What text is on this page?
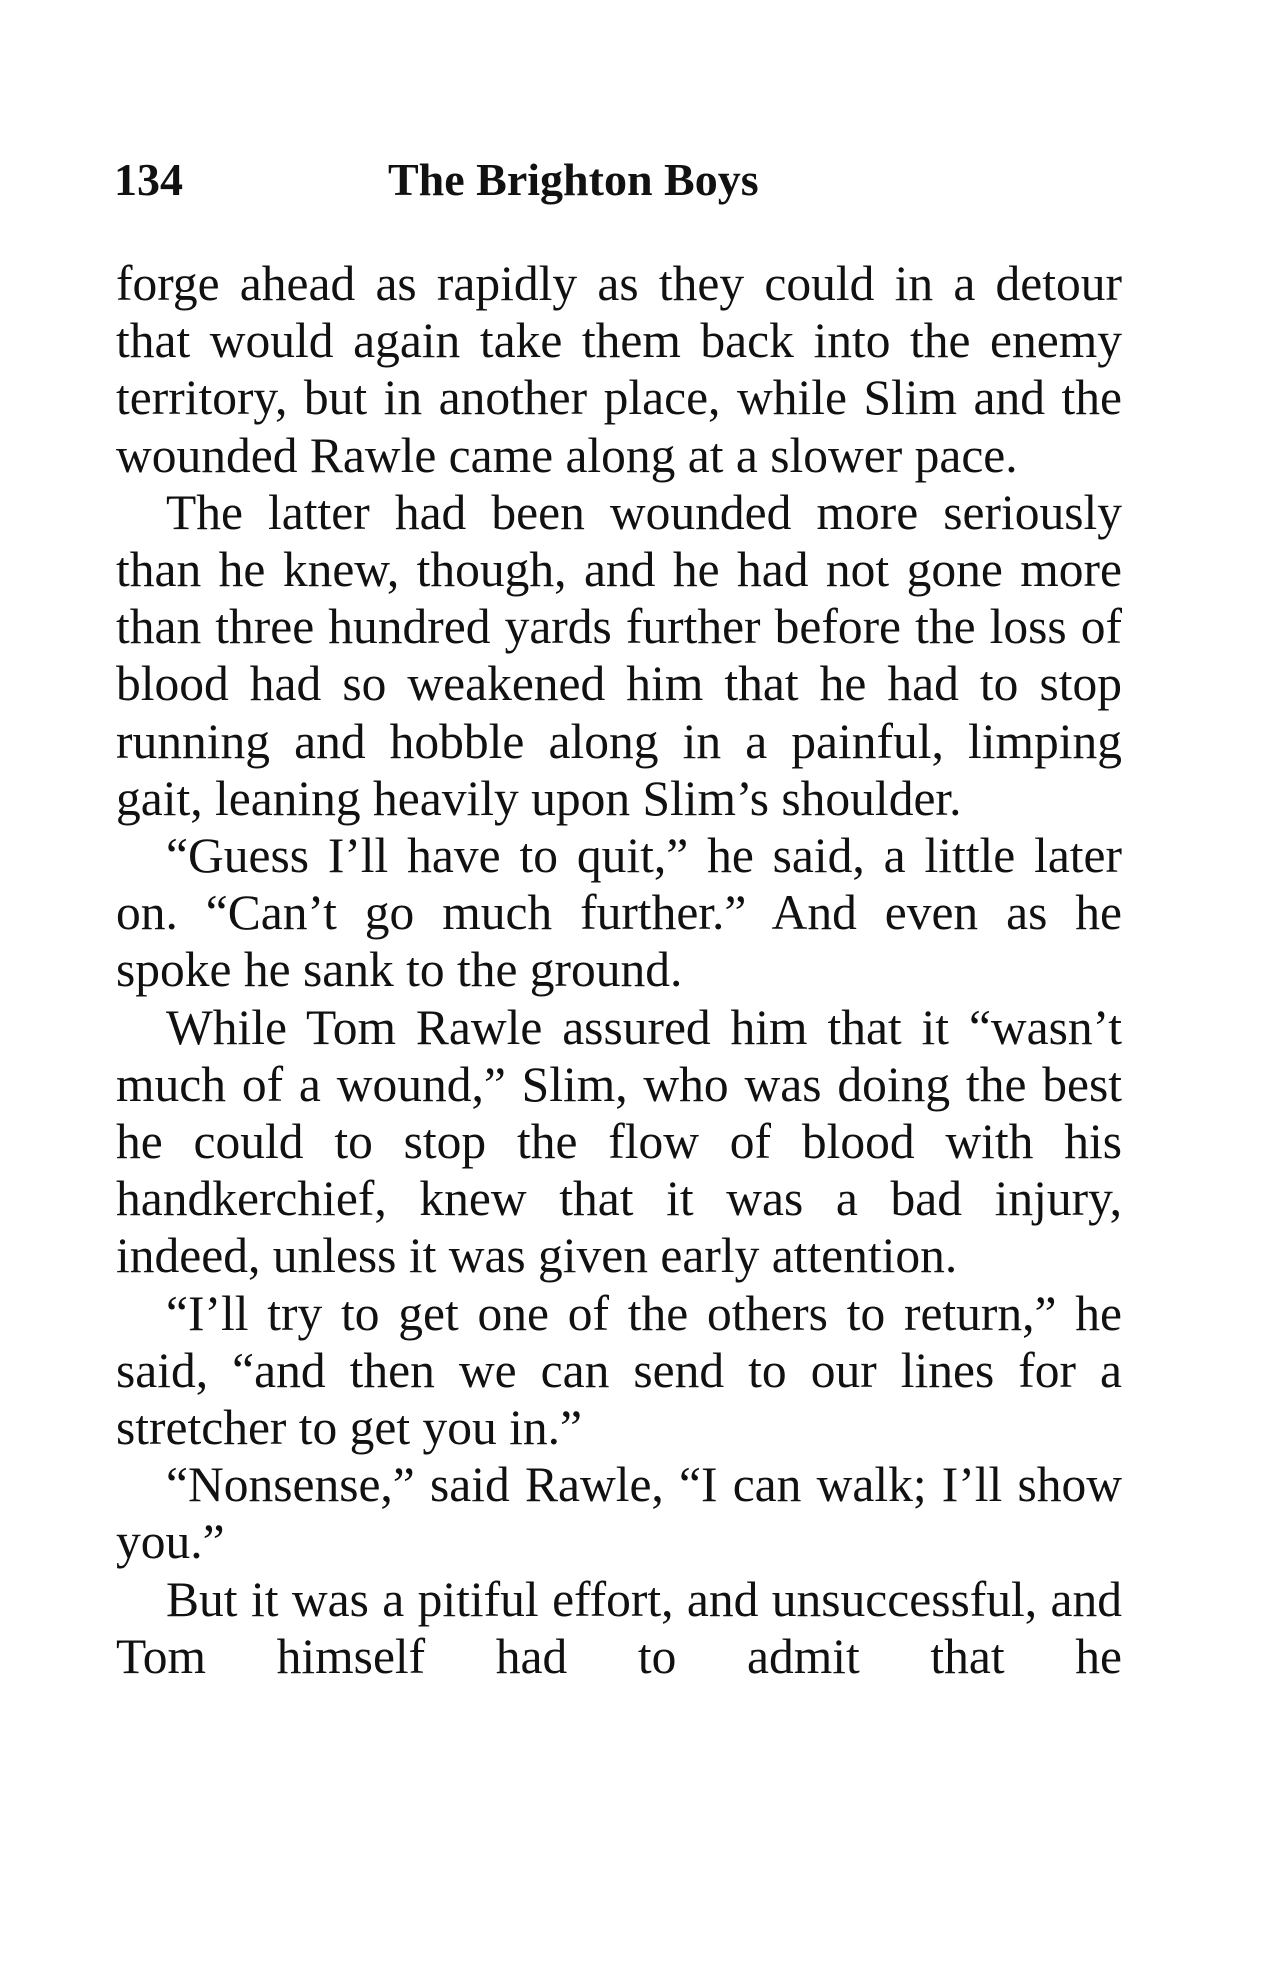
134	The Brighton Boys

forge ahead as rapidly as they could in a detour that would again take them back into the enemy territory, but in another place, while Slim and the wounded Rawle came along at a slower pace.

The latter had been wounded more seriously than he knew, though, and he had not gone more than three hundred yards further before the loss of blood had so weakened him that he had to stop running and hobble along in a painful, limping gait, leaning heavily upon Slim’s shoulder.

“Guess I’ll have to quit,” he said, a little later on. “Can’t go much further.” And even as he spoke he sank to the ground.

While Tom Rawle assured him that it “wasn’t much of a wound,” Slim, who was doing the best he could to stop the flow of blood with his handkerchief, knew that it was a bad injury, indeed, unless it was given early attention.

“I’ll try to get one of the others to return,” he said, “and then we can send to our lines for a stretcher to get you in.”

“Nonsense,” said Rawle, “I can walk; I’ll show you.”

But it was a pitiful effort, and unsuccessful, and Tom himself had to admit that he
